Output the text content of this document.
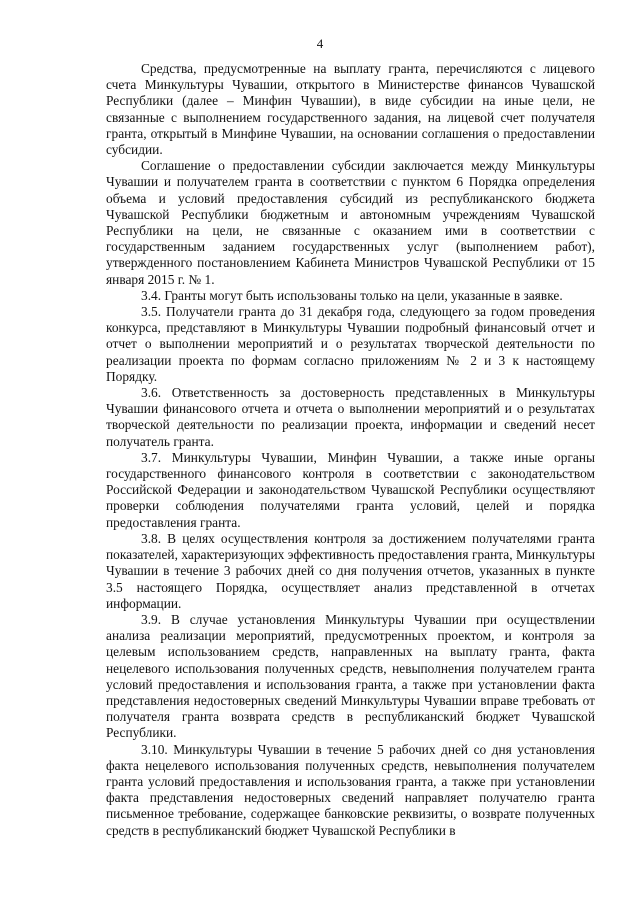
4

Средства, предусмотренные на выплату гранта, перечисляются с лицевого счета Минкультуры Чувашии, открытого в Министерстве финансов Чувашской Республики (далее – Минфин Чувашии), в виде субсидии на иные цели, не связанные с выполнением государственного задания, на лицевой счет получателя гранта, открытый в Минфине Чувашии, на основании соглашения о предоставлении субсидии.

Соглашение о предоставлении субсидии заключается между Минкультуры Чувашии и получателем гранта в соответствии с пунктом 6 Порядка определения объема и условий предоставления субсидий из республиканского бюджета Чувашской Республики бюджетным и автономным учреждениям Чувашской Республики на цели, не связанные с оказанием ими в соответствии с государственным заданием государственных услуг (выполнением работ), утвержденного постановлением Кабинета Министров Чувашской Республики от 15 января 2015 г. № 1.

3.4. Гранты могут быть использованы только на цели, указанные в заявке.

3.5. Получатели гранта до 31 декабря года, следующего за годом проведения конкурса, представляют в Минкультуры Чувашии подробный финансовый отчет и отчет о выполнении мероприятий и о результатах творческой деятельности по реализации проекта по формам согласно приложениям № 2 и 3 к настоящему Порядку.

3.6. Ответственность за достоверность представленных в Минкультуры Чувашии финансового отчета и отчета о выполнении мероприятий и о результатах творческой деятельности по реализации проекта, информации и сведений несет получатель гранта.

3.7. Минкультуры Чувашии, Минфин Чувашии, а также иные органы государственного финансового контроля в соответствии с законодательством Российской Федерации и законодательством Чувашской Республики осуществляют проверки соблюдения получателями гранта условий, целей и порядка предоставления гранта.

3.8. В целях осуществления контроля за достижением получателями гранта показателей, характеризующих эффективность предоставления гранта, Минкультуры Чувашии в течение 3 рабочих дней со дня получения отчетов, указанных в пункте 3.5 настоящего Порядка, осуществляет анализ представленной в отчетах информации.

3.9. В случае установления Минкультуры Чувашии при осуществлении анализа реализации мероприятий, предусмотренных проектом, и контроля за целевым использованием средств, направленных на выплату гранта, факта нецелевого использования полученных средств, невыполнения получателем гранта условий предоставления и использования гранта, а также при установлении факта представления недостоверных сведений Минкультуры Чувашии вправе требовать от получателя гранта возврата средств в республиканский бюджет Чувашской Республики.

3.10. Минкультуры Чувашии в течение 5 рабочих дней со дня установления факта нецелевого использования полученных средств, невыполнения получателем гранта условий предоставления и использования гранта, а также при установлении факта представления недостоверных сведений направляет получателю гранта письменное требование, содержащее банковские реквизиты, о возврате полученных средств в республиканский бюджет Чувашской Республики в
